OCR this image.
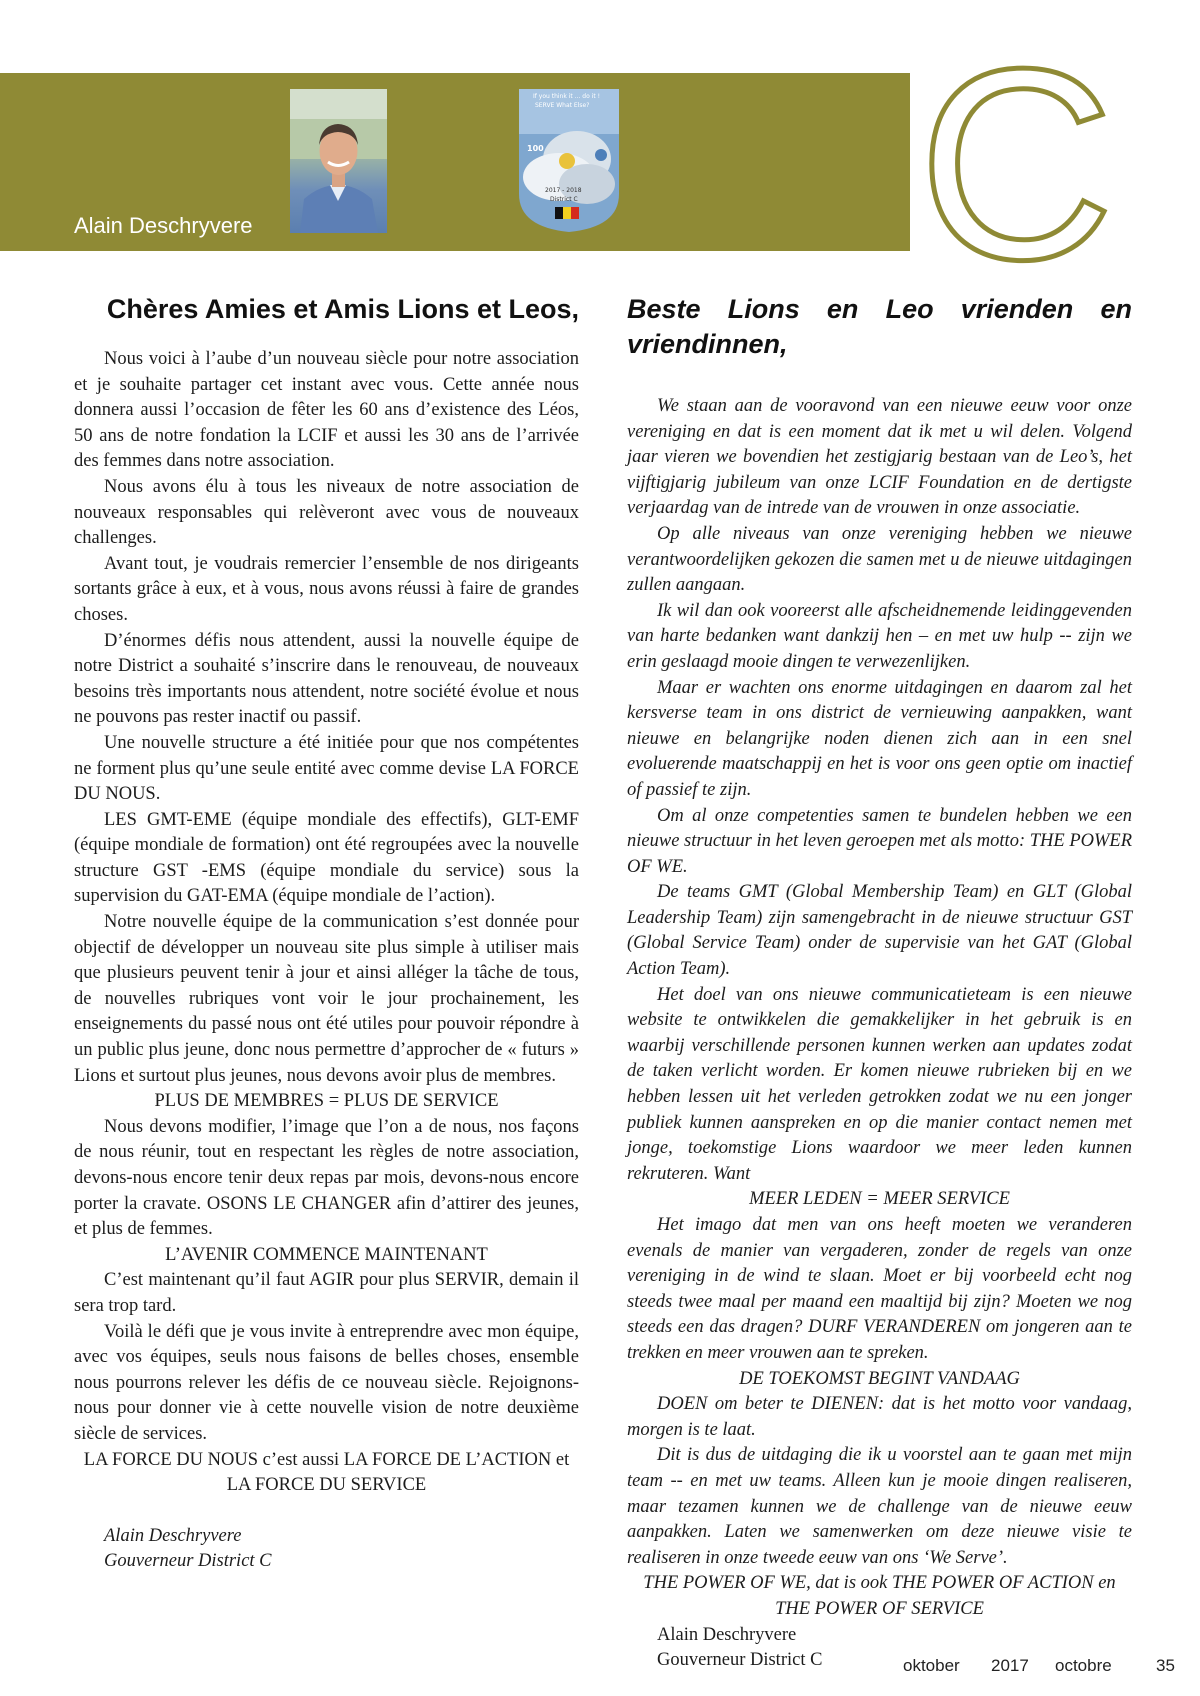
Alain Deschryvere
If you think it ... do it !
SERVE What Else?
100
2017 - 2018
District C C
Chères Amies et Amis Lions et Leos,

Nous voici à l’aube d’un nouveau siècle pour notre association et je souhaite partager cet instant avec vous. Cette année nous donnera aussi l’occasion de fêter les 60 ans d’existence des Léos, 50 ans de notre fondation la LCIF et aussi les 30 ans de l’arrivée des femmes dans notre association.

Nous avons élu à tous les niveaux de notre association de nouveaux responsables qui relèveront avec vous de nouveaux challenges.

Avant tout, je voudrais remercier l’ensemble de nos dirigeants sortants grâce à eux, et à vous, nous avons réussi à faire de grandes choses.

D’énormes défis nous attendent, aussi la nouvelle équipe de notre District a souhaité s’inscrire dans le renouveau, de nouveaux besoins très importants nous attendent, notre société évolue et nous ne pouvons pas rester inactif ou passif.

Une nouvelle structure a été initiée pour que nos compétentes ne forment plus qu’une seule entité avec comme devise LA FORCE DU NOUS.

LES GMT-EME (équipe mondiale des effectifs), GLT-EMF (équipe mondiale de formation) ont été regroupées avec la nouvelle structure GST -EMS (équipe mondiale du service) sous la supervision du GAT-EMA (équipe mondiale de l’action).

Notre nouvelle équipe de la communication s’est donnée pour objectif de développer un nouveau site plus simple à utiliser mais que plusieurs peuvent tenir à jour et ainsi alléger la tâche de tous, de nouvelles rubriques vont voir le jour prochainement, les enseignements du passé nous ont été utiles pour pouvoir répondre à un public plus jeune, donc nous permettre d’approcher de « futurs » Lions et surtout plus jeunes, nous devons avoir plus de membres.

PLUS DE MEMBRES = PLUS DE SERVICE

Nous devons modifier, l’image que l’on a de nous, nos façons de nous réunir, tout en respectant les règles de notre association, devons-nous encore tenir deux repas par mois, devons-nous encore porter la cravate. OSONS LE CHANGER afin d’attirer des jeunes, et plus de femmes.

L’AVENIR COMMENCE MAINTENANT

C’est maintenant qu’il faut AGIR pour plus SERVIR, demain il sera trop tard.

Voilà le défi que je vous invite à entreprendre avec mon équipe, avec vos équipes, seuls nous faisons de belles choses, ensemble nous pourrons relever les défis de ce nouveau siècle. Rejoignons-nous pour donner vie à cette nouvelle vision de notre deuxième siècle de services.

LA FORCE DU NOUS c’est aussi LA FORCE DE L’ACTION et LA FORCE DU SERVICE

Alain Deschryvere

Gouverneur District C

Beste Lions en Leo vrienden en vriendinnen,

We staan aan de vooravond van een nieuwe eeuw voor onze vereniging en dat is een moment dat ik met u wil delen. Volgend jaar vieren we bovendien het zestigjarig bestaan van de Leo’s, het vijftigjarig jubileum van onze LCIF Foundation en de dertigste verjaardag van de intrede van de vrouwen in onze associatie.

Op alle niveaus van onze vereniging hebben we nieuwe verantwoordelijken gekozen die samen met u de nieuwe uitdagingen zullen aangaan.

Ik wil dan ook vooreerst alle afscheidnemende leidinggevenden van harte bedanken want dankzij hen – en met uw hulp -- zijn we erin geslaagd mooie dingen te verwezenlijken.

Maar er wachten ons enorme uitdagingen en daarom zal het kersverse team in ons district de vernieuwing aanpakken, want nieuwe en belangrijke noden dienen zich aan in een snel evoluerende maatschappij en het is voor ons geen optie om inactief of passief te zijn.

Om al onze competenties samen te bundelen hebben we een nieuwe structuur in het leven geroepen met als motto: THE POWER OF WE.

De teams GMT (Global Membership Team) en GLT (Global Leadership Team) zijn samengebracht in de nieuwe structuur GST (Global Service Team) onder de supervisie van het GAT (Global Action Team).

Het doel van ons nieuwe communicatieteam is een nieuwe website te ontwikkelen die gemakkelijker in het gebruik is en waarbij verschillende personen kunnen werken aan updates zodat de taken verlicht worden. Er komen nieuwe rubrieken bij en we hebben lessen uit het verleden getrokken zodat we nu een jonger publiek kunnen aanspreken en op die manier contact nemen met jonge, toekomstige Lions waardoor we meer leden kunnen rekruteren. Want

MEER LEDEN = MEER SERVICE

Het imago dat men van ons heeft moeten we veranderen evenals de manier van vergaderen, zonder de regels van onze vereniging in de wind te slaan. Moet er bij voorbeeld echt nog steeds twee maal per maand een maaltijd bij zijn? Moeten we nog steeds een das dragen? DURF VERANDEREN om jongeren aan te trekken en meer vrouwen aan te spreken.

DE TOEKOMST BEGINT VANDAAG

DOEN om beter te DIENEN: dat is het motto voor vandaag, morgen is te laat.

Dit is dus de uitdaging die ik u voorstel aan te gaan met mijn team -- en met uw teams. Alleen kun je mooie dingen realiseren, maar tezamen kunnen we de challenge van de nieuwe eeuw aanpakken. Laten we samenwerken om deze nieuwe visie te realiseren in onze tweede eeuw van ons ‘We Serve’.

THE POWER OF WE, dat is ook THE POWER OF ACTION en THE POWER OF SERVICE

Alain Deschryvere

Gouverneur District C	oktober 2017 octobre	35
